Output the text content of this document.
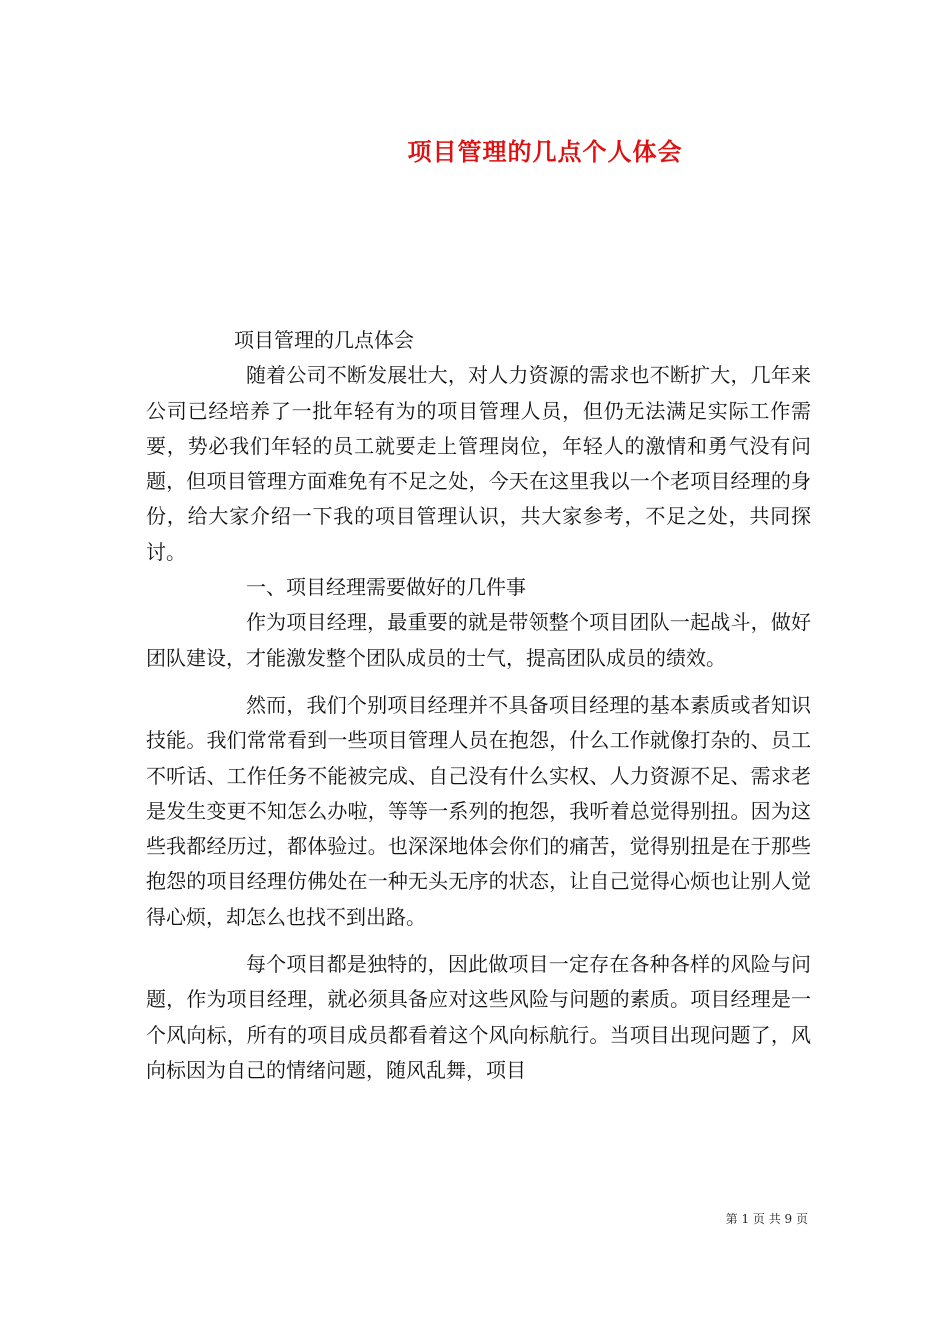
项目管理的几点个人体会

项目管理的几点体会

随着公司不断发展壮大，对人力资源的需求也不断扩大，几年来公司已经培养了一批年轻有为的项目管理人员，但仍无法满足实际工作需要，势必我们年轻的员工就要走上管理岗位，年轻人的激情和勇气没有问题，但项目管理方面难免有不足之处，今天在这里我以一个老项目经理的身份，给大家介绍一下我的项目管理认识，共大家参考，不足之处，共同探讨。

一、项目经理需要做好的几件事

作为项目经理，最重要的就是带领整个项目团队一起战斗，做好团队建设，才能激发整个团队成员的士气，提高团队成员的绩效。

然而，我们个别项目经理并不具备项目经理的基本素质或者知识技能。我们常常看到一些项目管理人员在抱怨，什么工作就像打杂的、员工不听话、工作任务不能被完成、自己没有什么实权、人力资源不足、需求老是发生变更不知怎么办啦，等等一系列的抱怨，我听着总觉得别扭。因为这些我都经历过，都体验过。也深深地体会你们的痛苦，觉得别扭是在于那些抱怨的项目经理仿佛处在一种无头无序的状态，让自己觉得心烦也让别人觉得心烦，却怎么也找不到出路。

每个项目都是独特的，因此做项目一定存在各种各样的风险与问题，作为项目经理，就必须具备应对这些风险与问题的素质。项目经理是一个风向标，所有的项目成员都看着这个风向标航行。当项目出现问题了，风向标因为自己的情绪问题，随风乱舞，项目

第 1 页 共 9 页
